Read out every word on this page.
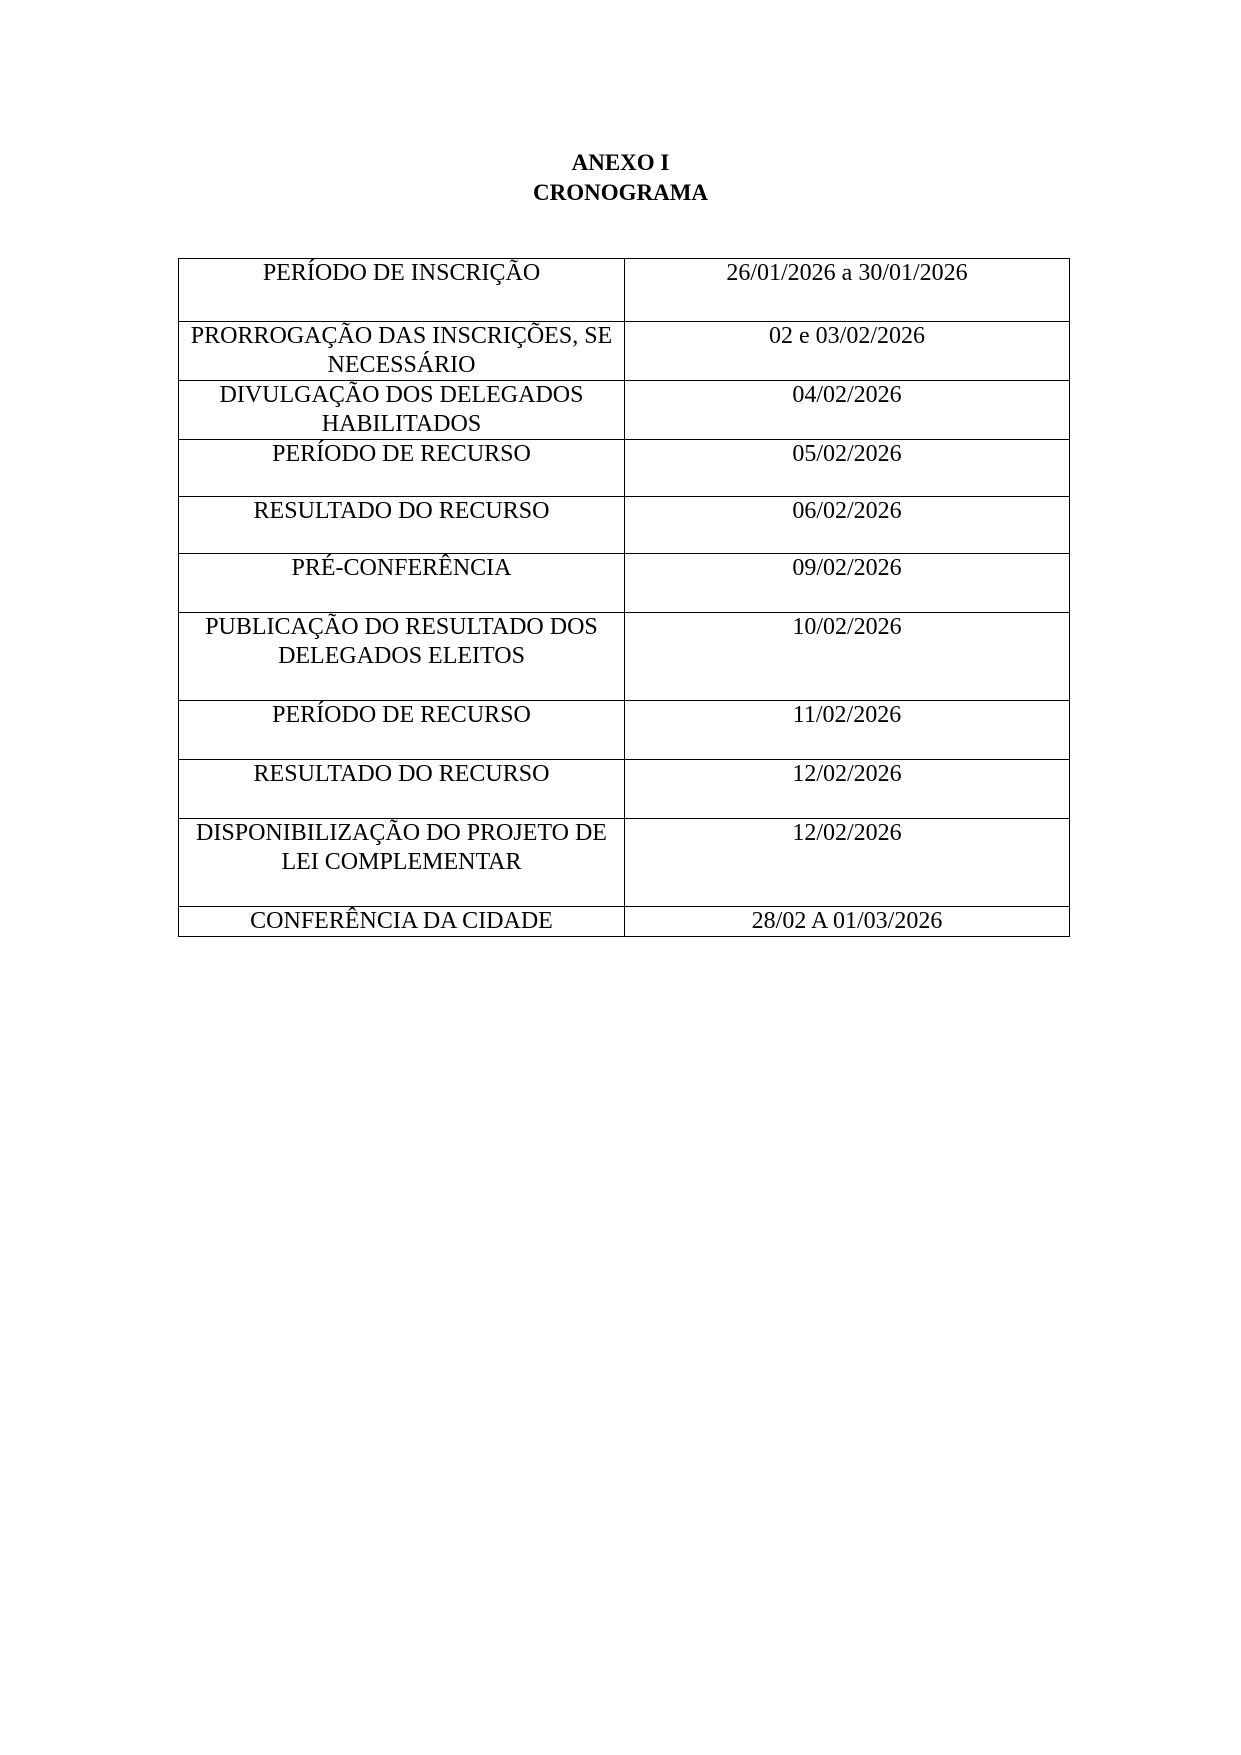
ANEXO I
CRONOGRAMA
PERÍODO DE INSCRIÇÃO	26/01/2026 a 30/01/2026
PRORROGAÇÃO DAS INSCRIÇÕES, SE NECESSÁRIO	02 e 03/02/2026
DIVULGAÇÃO DOS DELEGADOS HABILITADOS	04/02/2026
PERÍODO DE RECURSO	05/02/2026
RESULTADO DO RECURSO	06/02/2026
PRÉ-CONFERÊNCIA	09/02/2026
PUBLICAÇÃO DO RESULTADO DOS DELEGADOS ELEITOS	10/02/2026
PERÍODO DE RECURSO	11/02/2026
RESULTADO DO RECURSO	12/02/2026
DISPONIBILIZAÇÃO DO PROJETO DE LEI COMPLEMENTAR	12/02/2026
CONFERÊNCIA DA CIDADE	28/02 A 01/03/2026
